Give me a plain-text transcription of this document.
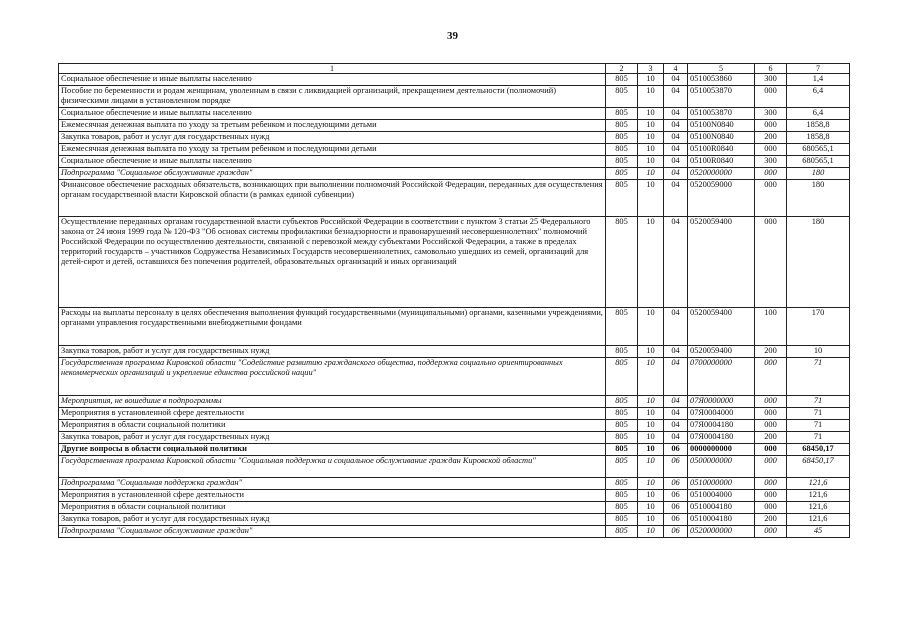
39
1	2	3	4	5	6	7
Социальное обеспечение и иные выплаты населению	805	10	04	0510053860	300	1,4
Пособие по беременности и родам женщинам, уволенным в связи с ликвидацией организаций, прекращением деятельности (полномочий) физическими лицами в установленном порядке	805	10	04	0510053870	000	6,4
Социальное обеспечение и иные выплаты населению	805	10	04	0510053870	300	6,4
Ежемесячная денежная выплата по уходу за третьим ребенком и последующими детьми	805	10	04	05100N0840	000	1858,8
Закупка товаров, работ и услуг для государственных нужд	805	10	04	05100N0840	200	1858,8
Ежемесячная денежная выплата по уходу за третьим ребенком и последующими детьми	805	10	04	05100R0840	000	680565,1
Социальное обеспечение и иные выплаты населению	805	10	04	05100R0840	300	680565,1
Подпрограмма "Социальное обслуживание граждан"	805	10	04	0520000000	000	180
Финансовое обеспечение расходных обязательств, возникающих при выполнении полномочий Российской Федерации, переданных для осуществления органам государственной власти Кировской области (в рамках единой субвенции)	805	10	04	0520059000	000	180
Осуществление переданных органам государственной власти субъектов Российской Федерации в соответствии с пунктом 3 статьи 25 Федерального закона от 24 июня 1999 года № 120-ФЗ "Об основах системы профилактики безнадзорности и правонарушений несовершеннолетних" полномочий Российской Федерации по осуществлению деятельности, связанной с перевозкой между субъектами Российской Федерации, а также в пределах территорий государств – участников Содружества Независимых Государств несовершеннолетних, самовольно ушедших из семей, организаций для детей-сирот и детей, оставшихся без попечения родителей, образовательных организаций и иных организаций	805	10	04	0520059400	000	180
Расходы на выплаты персоналу в целях обеспечения выполнения функций государственными (муниципальными) органами, казенными учреждениями, органами управления государственными внебюджетными фондами	805	10	04	0520059400	100	170
Закупка товаров, работ и услуг для государственных нужд	805	10	04	0520059400	200	10
Государственная программа Кировской области "Содействие развитию гражданского общества, поддержка социально ориентированных некоммерческих организаций и укрепление единства российской нации"	805	10	04	0700000000	000	71
Мероприятия, не вошедшие в подпрограммы	805	10	04	07Я0000000	000	71
Мероприятия в установленной сфере деятельности	805	10	04	07Я0004000	000	71
Мероприятия в области социальной политики	805	10	04	07Я0004180	000	71
Закупка товаров, работ и услуг для государственных нужд	805	10	04	07Я0004180	200	71
Другие вопросы в области социальной политики	805	10	06	0000000000	000	68450,17
Государственная программа Кировской области "Социальная поддержка и социальное обслуживание граждан Кировской области"	805	10	06	0500000000	000	68450,17
Подпрограмма "Социальная поддержка граждан"	805	10	06	0510000000	000	121,6
Мероприятия в установленной сфере деятельности	805	10	06	0510004000	000	121,6
Мероприятия в области социальной политики	805	10	06	0510004180	000	121,6
Закупка товаров, работ и услуг для государственных нужд	805	10	06	0510004180	200	121,6
Подпрограмма "Социальное обслуживание граждан"	805	10	06	0520000000	000	45
